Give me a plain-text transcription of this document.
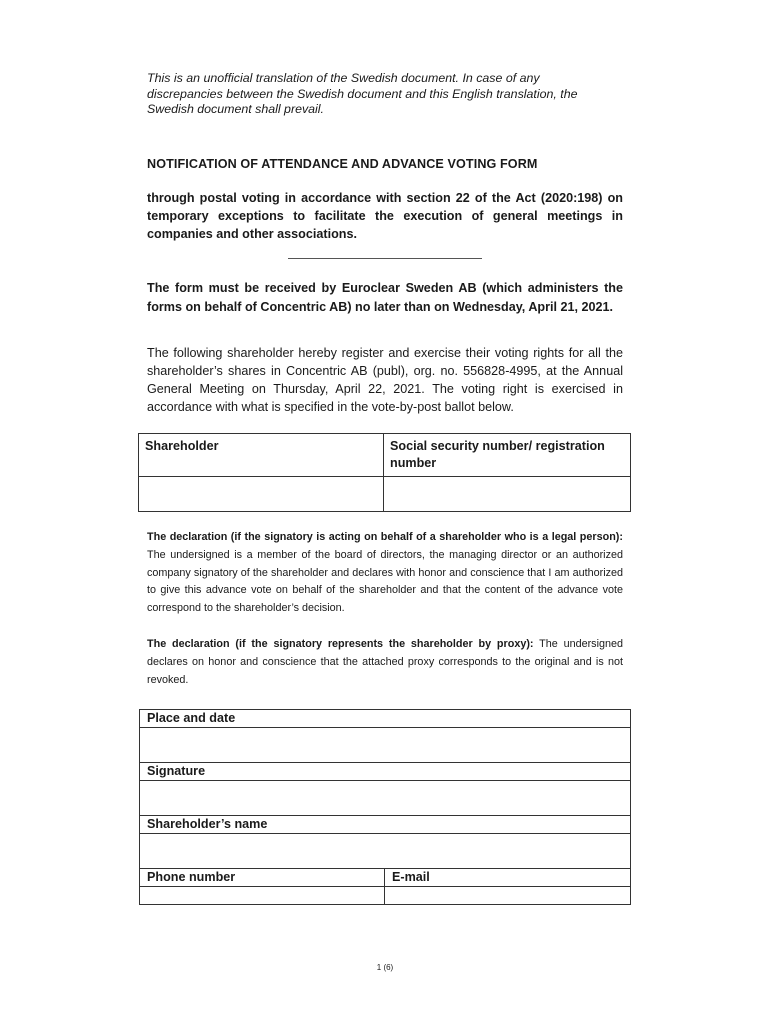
This is an unofficial translation of the Swedish document. In case of any
discrepancies between the Swedish document and this English translation, the
Swedish document shall prevail.
NOTIFICATION OF ATTENDANCE AND ADVANCE VOTING FORM
through postal voting in accordance with section 22 of the Act (2020:198) on temporary exceptions to facilitate the execution of general meetings in companies and other associations.
The form must be received by Euroclear Sweden AB (which administers the forms on behalf of Concentric AB) no later than on Wednesday, April 21, 2021.
The following shareholder hereby register and exercise their voting rights for all the shareholder’s shares in Concentric AB (publ), org. no. 556828-4995, at the Annual General Meeting on Thursday, April 22, 2021. The voting right is exercised in accordance with what is specified in the vote-by-post ballot below.
Shareholder	Social security number/ registration number

The declaration (if the signatory is acting on behalf of a shareholder who is a legal person): The undersigned is a member of the board of directors, the managing director or an authorized company signatory of the shareholder and declares with honor and conscience that I am authorized to give this advance vote on behalf of the shareholder and that the content of the advance vote correspond to the shareholder’s decision.
The declaration (if the signatory represents the shareholder by proxy): The undersigned declares on honor and conscience that the attached proxy corresponds to the original and is not revoked.
Place and date	

Signature	

Shareholder’s name	

Phone number	E-mail

1 (6)
